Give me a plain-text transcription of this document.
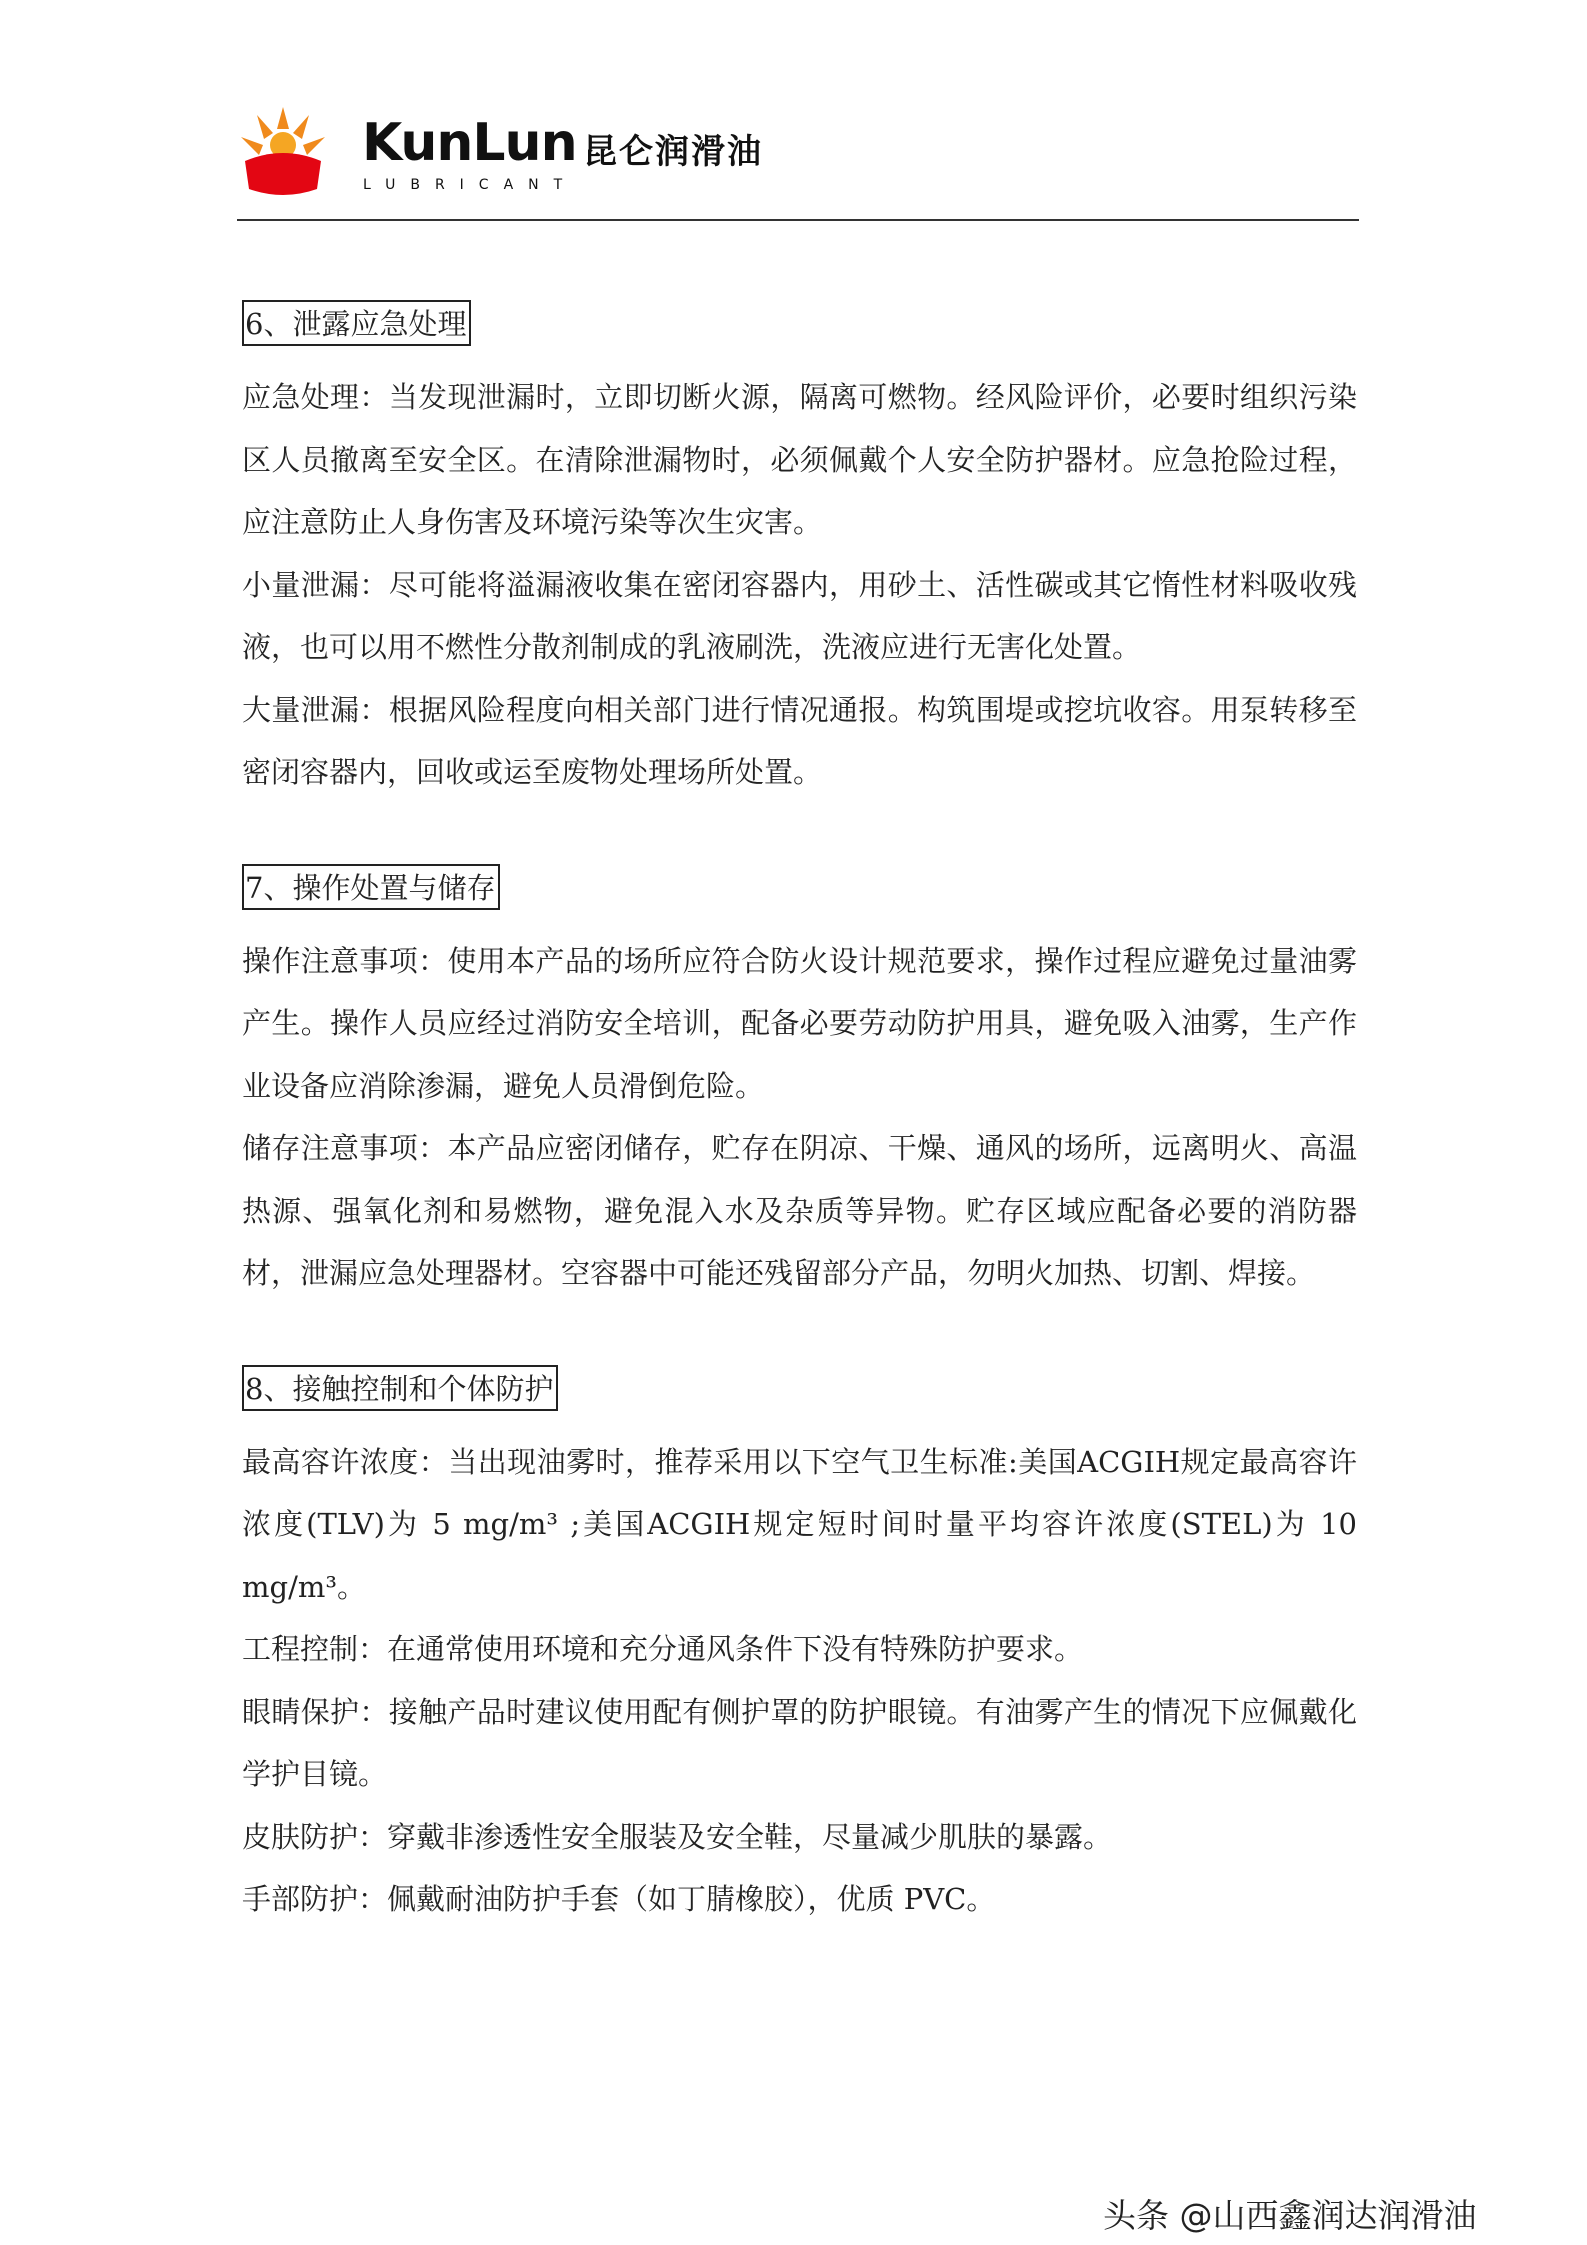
KunLun 昆仑润滑油
LUBRICANT
6、泄露应急处理

应急处理：当发现泄漏时，立即切断火源，隔离可燃物。经风险评价，必要时组织污染区人员撤离至安全区。在清除泄漏物时，必须佩戴个人安全防护器材。应急抢险过程，应注意防止人身伤害及环境污染等次生灾害。

小量泄漏：尽可能将溢漏液收集在密闭容器内，用砂土、活性碳或其它惰性材料吸收残液，也可以用不燃性分散剂制成的乳液刷洗，洗液应进行无害化处置。

大量泄漏：根据风险程度向相关部门进行情况通报。构筑围堤或挖坑收容。用泵转移至密闭容器内，回收或运至废物处理场所处置。

7、操作处置与储存

操作注意事项：使用本产品的场所应符合防火设计规范要求，操作过程应避免过量油雾产生。操作人员应经过消防安全培训，配备必要劳动防护用具，避免吸入油雾，生产作业设备应消除渗漏，避免人员滑倒危险。

储存注意事项：本产品应密闭储存，贮存在阴凉、干燥、通风的场所，远离明火、高温热源、强氧化剂和易燃物，避免混入水及杂质等异物。贮存区域应配备必要的消防器材，泄漏应急处理器材。空容器中可能还残留部分产品，勿明火加热、切割、焊接。

8、接触控制和个体防护

最高容许浓度：当出现油雾时，推荐采用以下空气卫生标准:美国ACGIH规定最高容许浓度(TLV)为 5 mg/m³ ;美国ACGIH规定短时间时量平均容许浓度(STEL)为 10 mg/m³。

工程控制：在通常使用环境和充分通风条件下没有特殊防护要求。

眼睛保护：接触产品时建议使用配有侧护罩的防护眼镜。有油雾产生的情况下应佩戴化学护目镜。

皮肤防护：穿戴非渗透性安全服装及安全鞋，尽量减少肌肤的暴露。

手部防护：佩戴耐油防护手套（如丁腈橡胶），优质 PVC。

头条 @山西鑫润达润滑油
